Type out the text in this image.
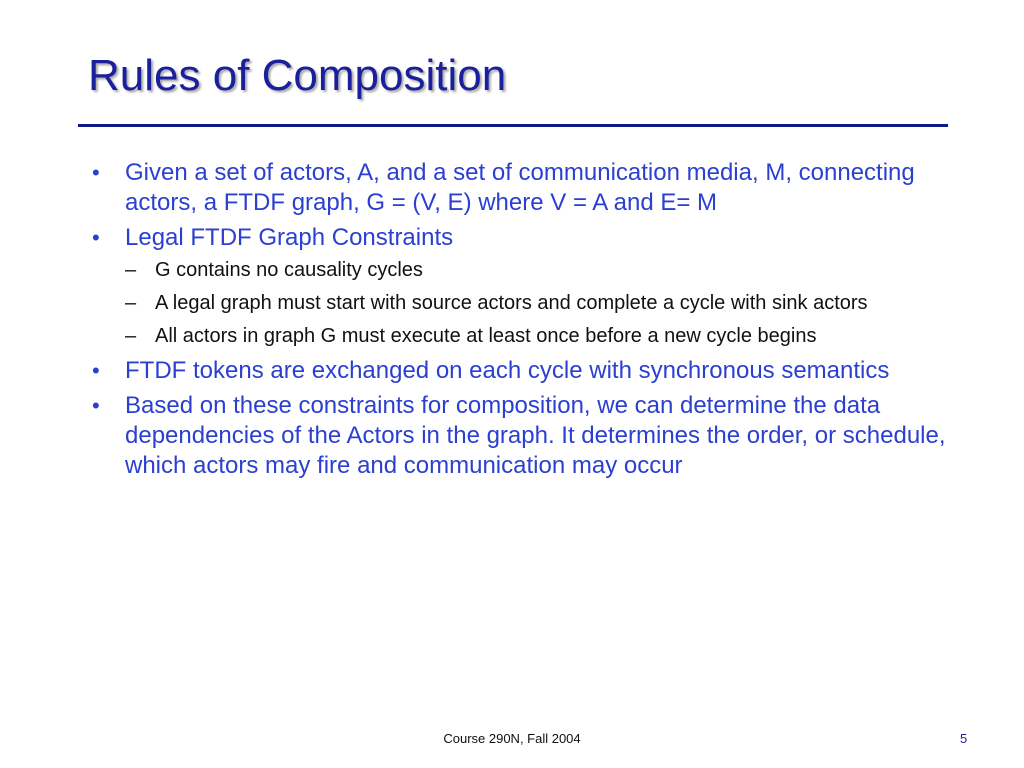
Rules of Composition
• Given a set of actors, A, and a set of communication media, M, connecting actors, a FTDF graph, G = (V, E) where V = A and E= M
• Legal FTDF Graph Constraints
– G contains no causality cycles
– A legal graph must start with source actors and complete a cycle with sink actors
– All actors in graph G must execute at least once before a new cycle begins
• FTDF tokens are exchanged on each cycle with synchronous semantics
• Based on these constraints for composition, we can determine the data dependencies of the Actors in the graph. It determines the order, or schedule, which actors may fire and communication may occur
Course 290N, Fall 2004	5
